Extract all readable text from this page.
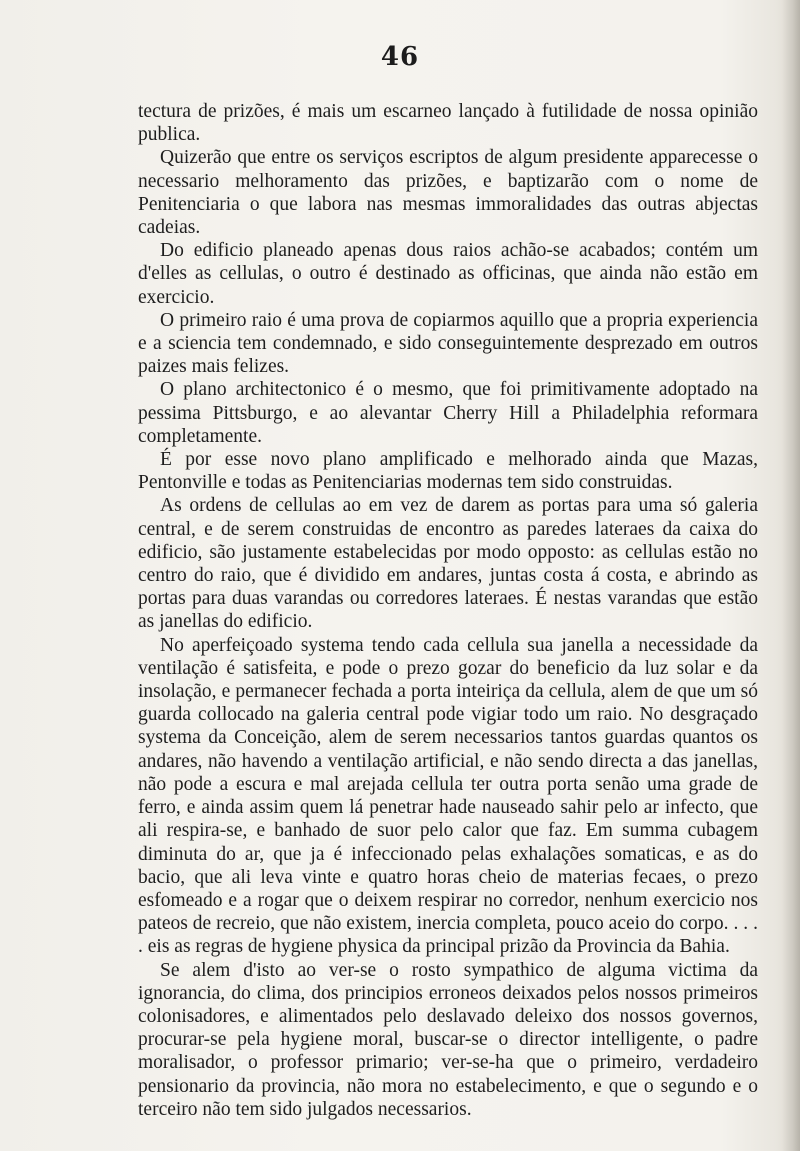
46

tectura de prizões, é mais um escarneo lançado à futilidade de nossa opinião publica.

Quizerão que entre os serviços escriptos de algum presidente apparecesse o necessario melhoramento das prizões, e baptizarão com o nome de Penitenciaria o que labora nas mesmas immoralidades das outras abjectas cadeias.

Do edificio planeado apenas dous raios achão-se acabados; contém um d'elles as cellulas, o outro é destinado as officinas, que ainda não estão em exercicio.

O primeiro raio é uma prova de copiarmos aquillo que a propria experiencia e a sciencia tem condemnado, e sido conseguintemente desprezado em outros paizes mais felizes.

O plano architectonico é o mesmo, que foi primitivamente adoptado na pessima Pittsburgo, e ao alevantar Cherry Hill a Philadelphia reformara completamente.

É por esse novo plano amplificado e melhorado ainda que Mazas, Pentonville e todas as Penitenciarias modernas tem sido construidas.

As ordens de cellulas ao em vez de darem as portas para uma só galeria central, e de serem construidas de encontro as paredes lateraes da caixa do edificio, são justamente estabelecidas por modo opposto: as cellulas estão no centro do raio, que é dividido em andares, juntas costa á costa, e abrindo as portas para duas varandas ou corredores lateraes. É nestas varandas que estão as janellas do edificio.

No aperfeiçoado systema tendo cada cellula sua janella a necessidade da ventilação é satisfeita, e pode o prezo gozar do beneficio da luz solar e da insolação, e permanecer fechada a porta inteiriça da cellula, alem de que um só guarda collocado na galeria central pode vigiar todo um raio. No desgraçado systema da Conceição, alem de serem necessarios tantos guardas quantos os andares, não havendo a ventilação artificial, e não sendo directa a das janellas, não pode a escura e mal arejada cellula ter outra porta senão uma grade de ferro, e ainda assim quem lá penetrar hade nauseado sahir pelo ar infecto, que ali respira-se, e banhado de suor pelo calor que faz. Em summa cubagem diminuta do ar, que ja é infeccionado pelas exhalações somaticas, e as do bacio, que ali leva vinte e quatro horas cheio de materias fecaes, o prezo esfomeado e a rogar que o deixem respirar no corredor, nenhum exercicio nos pateos de recreio, que não existem, inercia completa, pouco aceio do corpo. . . . . eis as regras de hygiene physica da principal prizão da Provincia da Bahia.

Se alem d'isto ao ver-se o rosto sympathico de alguma victima da ignorancia, do clima, dos principios erroneos deixados pelos nossos primeiros colonisadores, e alimentados pelo deslavado deleixo dos nossos governos, procurar-se pela hygiene moral, buscar-se o director intelligente, o padre moralisador, o professor primario; ver-se-ha que o primeiro, verdadeiro pensionario da provincia, não mora no estabelecimento, e que o segundo e o terceiro não tem sido julgados necessarios.
